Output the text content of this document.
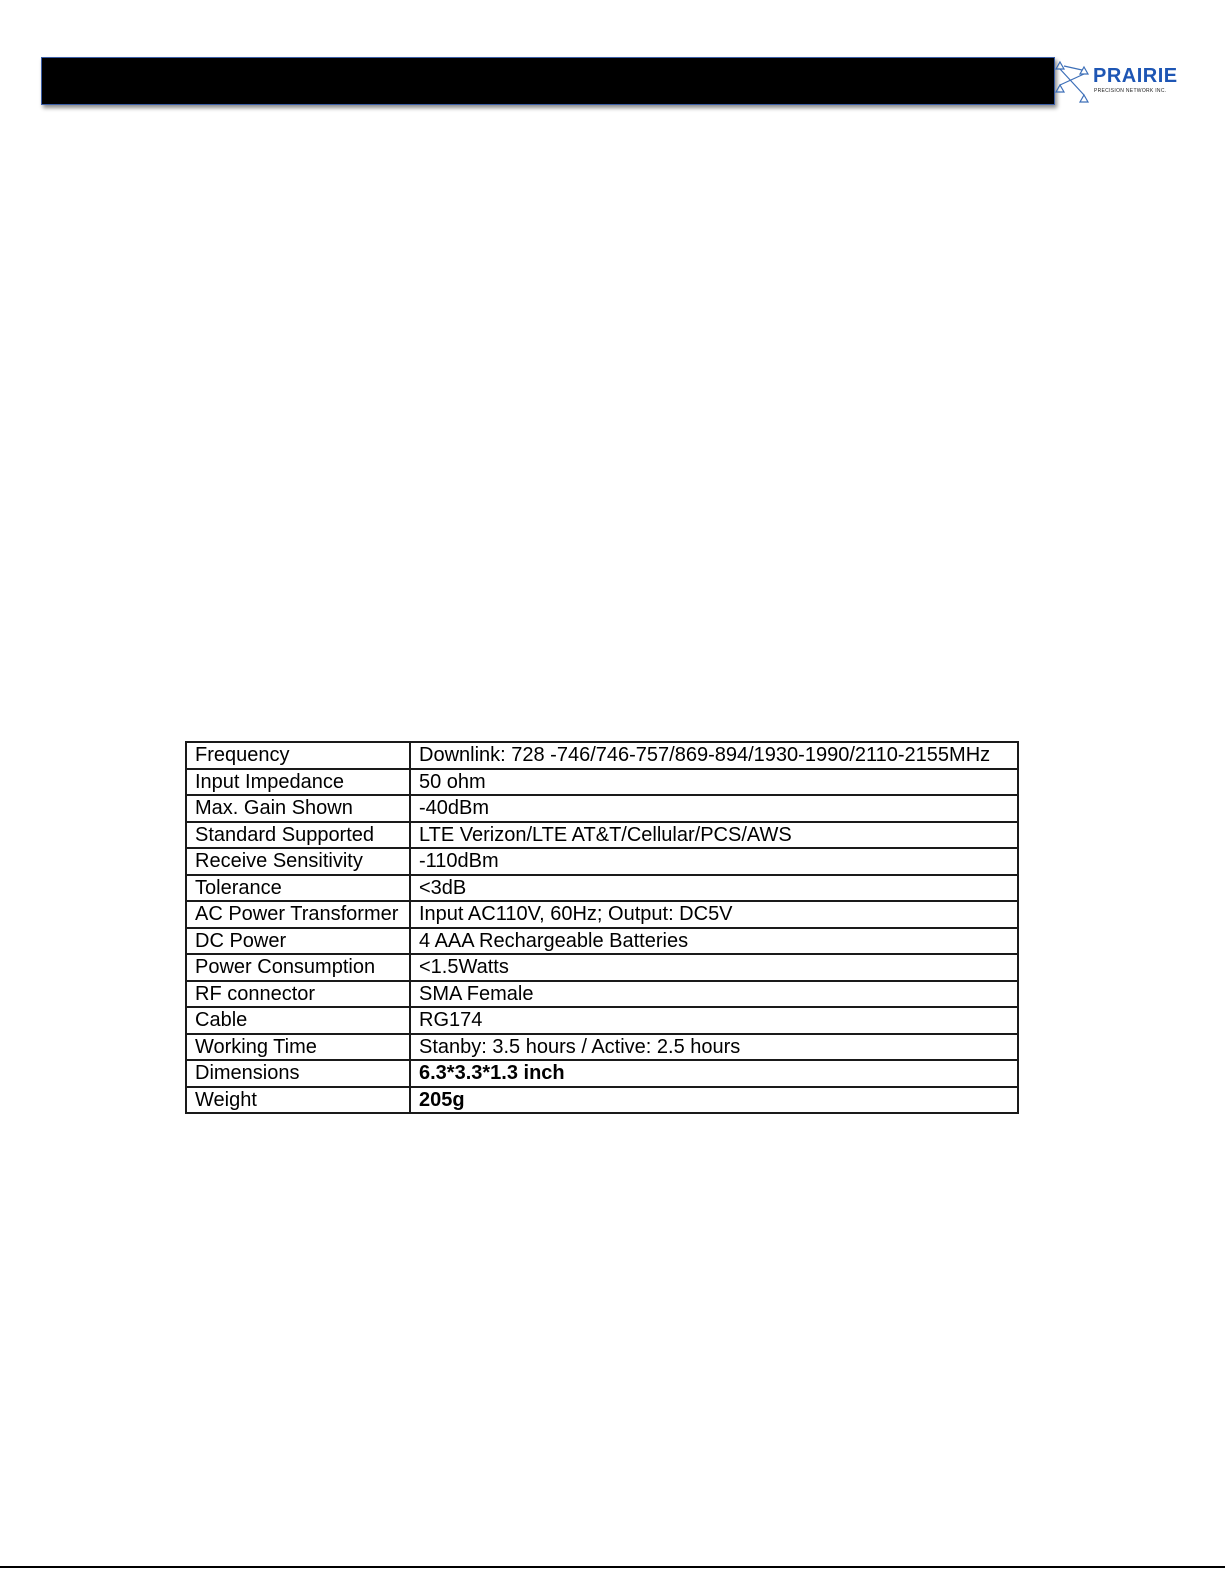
PRAIRIE
PRECISION NETWORK INC.
Frequency	Downlink: 728 -746/746-757/869-894/1930-1990/2110-2155MHz
Input Impedance	50 ohm
Max. Gain Shown	-40dBm
Standard Supported	LTE Verizon/LTE AT&T/Cellular/PCS/AWS
Receive Sensitivity	-110dBm
Tolerance	<3dB
AC Power Transformer	Input AC110V, 60Hz; Output: DC5V
DC Power	4 AAA Rechargeable Batteries
Power Consumption	<1.5Watts
RF connector	SMA Female
Cable	RG174
Working Time	Stanby: 3.5 hours / Active: 2.5 hours
Dimensions	6.3*3.3*1.3 inch
Weight	205g
